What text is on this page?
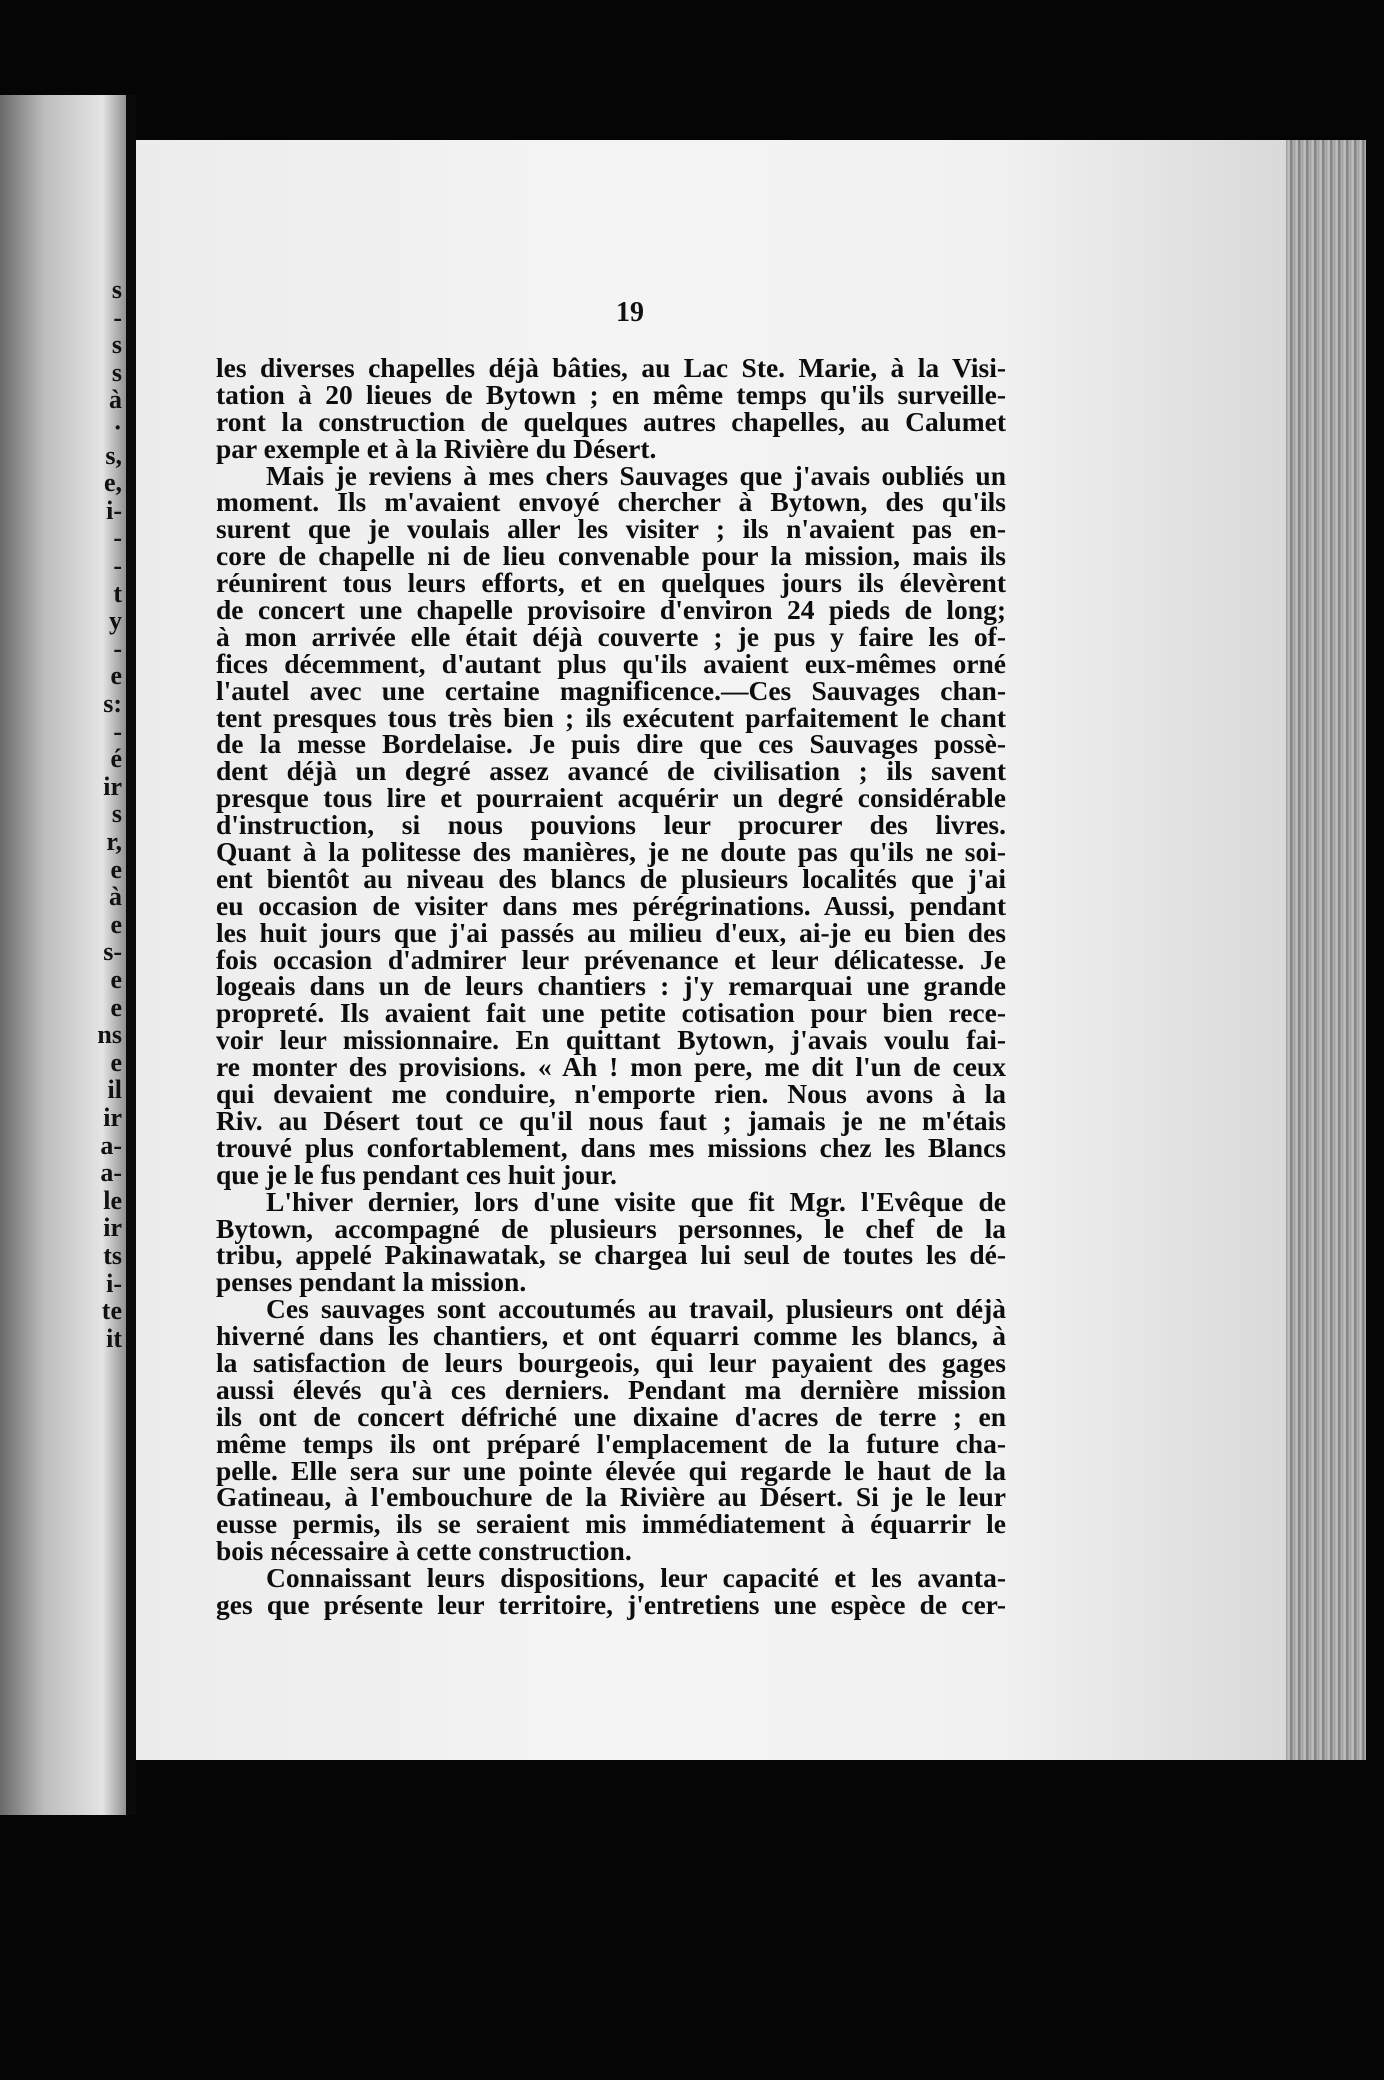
s
-
s
s
à
·
s,
e,
i-
-
-
t
y
-
e
s:
-
é
ir
s
r,
e
à
e
s-
e
e
ns
e
il
ir
a-
a-
le
ir
ts
i-
te
it
19
les diverses chapelles déjà bâties, au Lac Ste. Marie, à la Visi-
tation à 20 lieues de Bytown ; en même temps qu'ils surveille-
ront la construction de quelques autres chapelles, au Calumet
par exemple et à la Rivière du Désert.
Mais je reviens à mes chers Sauvages que j'avais oubliés un
moment. Ils m'avaient envoyé chercher à Bytown, des qu'ils
surent que je voulais aller les visiter ; ils n'avaient pas en-
core de chapelle ni de lieu convenable pour la mission, mais ils
réunirent tous leurs efforts, et en quelques jours ils élevèrent
de concert une chapelle provisoire d'environ 24 pieds de long;
à mon arrivée elle était déjà couverte ; je pus y faire les of-
fices décemment, d'autant plus qu'ils avaient eux-mêmes orné
l'autel avec une certaine magnificence.—Ces Sauvages chan-
tent presques tous très bien ; ils exécutent parfaitement le chant
de la messe Bordelaise. Je puis dire que ces Sauvages possè-
dent déjà un degré assez avancé de civilisation ; ils savent
presque tous lire et pourraient acquérir un degré considérable
d'instruction, si nous pouvions leur procurer des livres.
Quant à la politesse des manières, je ne doute pas qu'ils ne soi-
ent bientôt au niveau des blancs de plusieurs localités que j'ai
eu occasion de visiter dans mes pérégrinations. Aussi, pendant
les huit jours que j'ai passés au milieu d'eux, ai-je eu bien des
fois occasion d'admirer leur prévenance et leur délicatesse. Je
logeais dans un de leurs chantiers : j'y remarquai une grande
propreté. Ils avaient fait une petite cotisation pour bien rece-
voir leur missionnaire. En quittant Bytown, j'avais voulu fai-
re monter des provisions. « Ah ! mon pere, me dit l'un de ceux
qui devaient me conduire, n'emporte rien. Nous avons à la
Riv. au Désert tout ce qu'il nous faut ; jamais je ne m'étais
trouvé plus confortablement, dans mes missions chez les Blancs
que je le fus pendant ces huit jour.
L'hiver dernier, lors d'une visite que fit Mgr. l'Evêque de
Bytown, accompagné de plusieurs personnes, le chef de la
tribu, appelé Pakinawatak, se chargea lui seul de toutes les dé-
penses pendant la mission.
Ces sauvages sont accoutumés au travail, plusieurs ont déjà
hiverné dans les chantiers, et ont équarri comme les blancs, à
la satisfaction de leurs bourgeois, qui leur payaient des gages
aussi élevés qu'à ces derniers. Pendant ma dernière mission
ils ont de concert défriché une dixaine d'acres de terre ; en
même temps ils ont préparé l'emplacement de la future cha-
pelle. Elle sera sur une pointe élevée qui regarde le haut de la
Gatineau, à l'embouchure de la Rivière au Désert. Si je le leur
eusse permis, ils se seraient mis immédiatement à équarrir le
bois nécessaire à cette construction.
Connaissant leurs dispositions, leur capacité et les avanta-
ges que présente leur territoire, j'entretiens une espèce de cer-
